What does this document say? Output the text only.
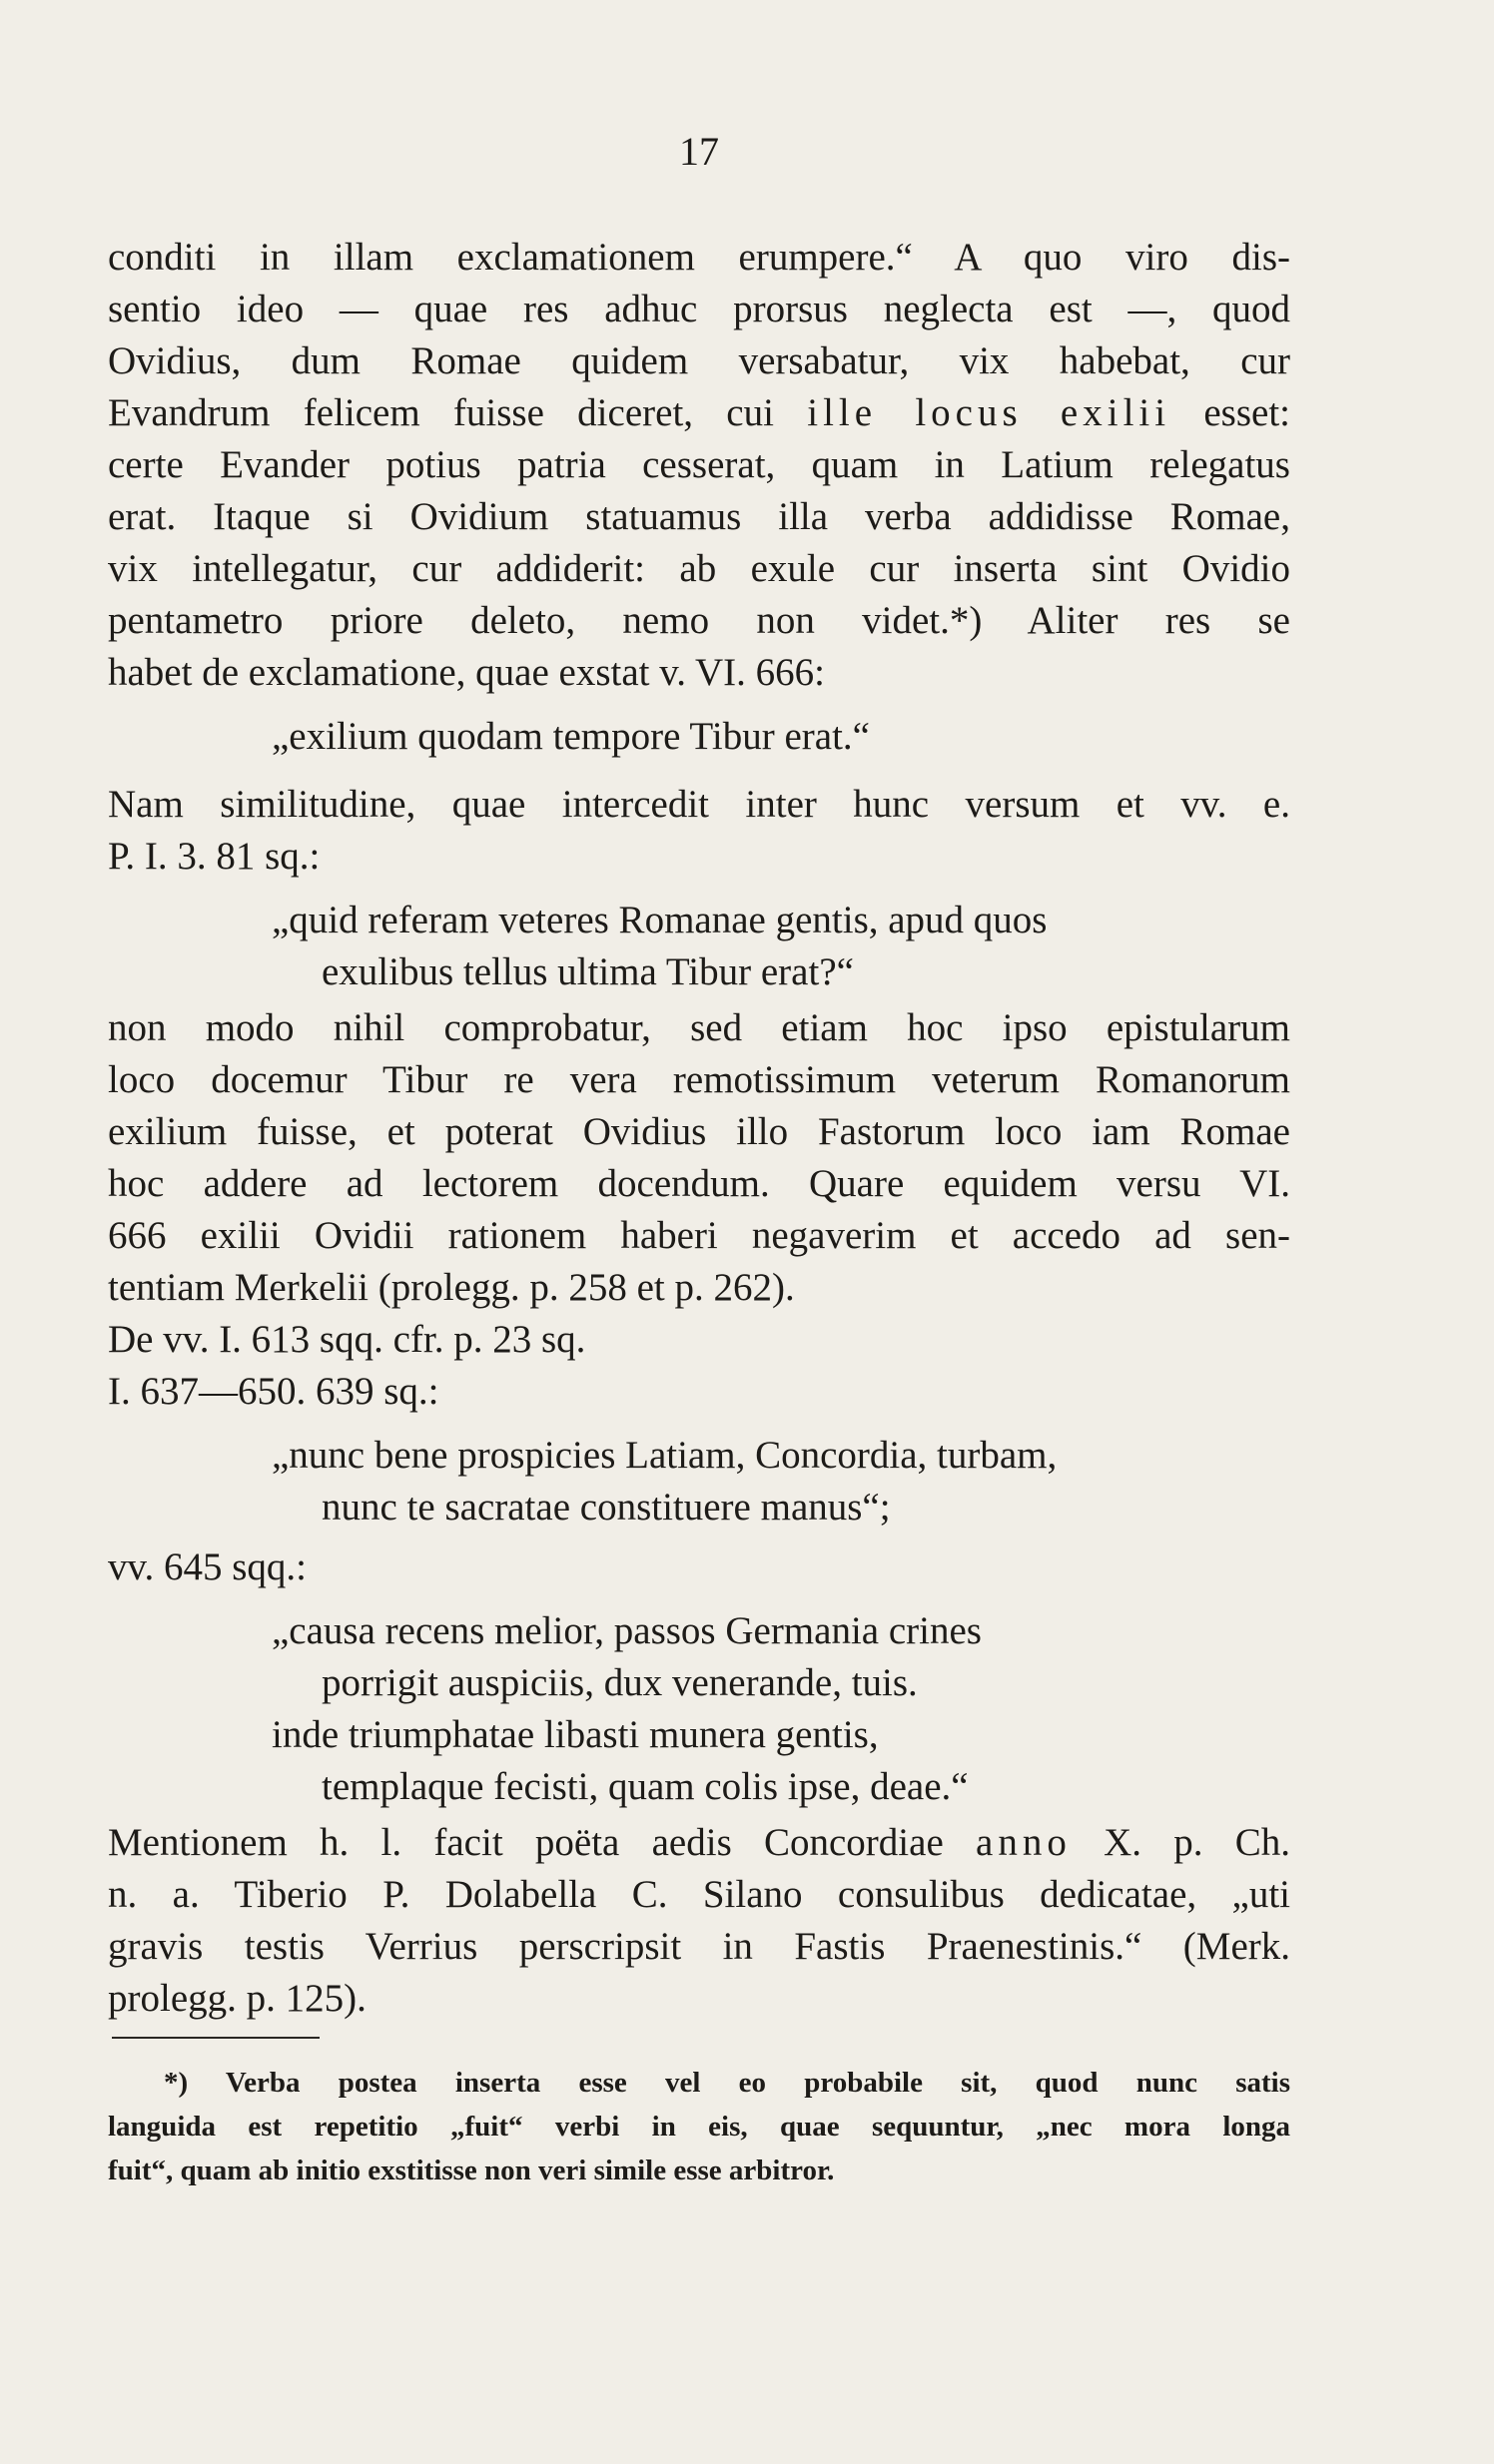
17
conditi in illam exclamationem erumpere.“ A quo viro dis-
sentio ideo — quae res adhuc prorsus neglecta est —, quod
Ovidius, dum Romae quidem versabatur, vix habebat, cur
Evandrum felicem fuisse diceret, cui ille locus exilii esset:
certe Evander potius patria cesserat, quam in Latium relegatus
erat. Itaque si Ovidium statuamus illa verba addidisse Romae,
vix intellegatur, cur addiderit: ab exule cur inserta sint Ovidio
pentametro priore deleto, nemo non videt.*) Aliter res se
habet de exclamatione, quae exstat v. VI. 666:
„exilium quodam tempore Tibur erat.“
Nam similitudine, quae intercedit inter hunc versum et vv. e.
P. I. 3. 81 sq.:
„quid referam veteres Romanae gentis, apud quos
exulibus tellus ultima Tibur erat?“
non modo nihil comprobatur, sed etiam hoc ipso epistularum
loco docemur Tibur re vera remotissimum veterum Romanorum
exilium fuisse, et poterat Ovidius illo Fastorum loco iam Romae
hoc addere ad lectorem docendum. Quare equidem versu VI.
666 exilii Ovidii rationem haberi negaverim et accedo ad sen-
tentiam Merkelii (prolegg. p. 258 et p. 262).
De vv. I. 613 sqq. cfr. p. 23 sq.
I. 637—650. 639 sq.:
„nunc bene prospicies Latiam, Concordia, turbam,
nunc te sacratae constituere manus“;
vv. 645 sqq.:
„causa recens melior, passos Germania crines
porrigit auspiciis, dux venerande, tuis.
inde triumphatae libasti munera gentis,
templaque fecisti, quam colis ipse, deae.“
Mentionem h. l. facit poëta aedis Concordiae anno X. p. Ch.
n. a. Tiberio P. Dolabella C. Silano consulibus dedicatae, „uti
gravis testis Verrius perscripsit in Fastis Praenestinis.“ (Merk.
prolegg. p. 125).
*) Verba postea inserta esse vel eo probabile sit, quod nunc satis
languida est repetitio „fuit“ verbi in eis, quae sequuntur, „nec mora longa
fuit“, quam ab initio exstitisse non veri simile esse arbitror.
